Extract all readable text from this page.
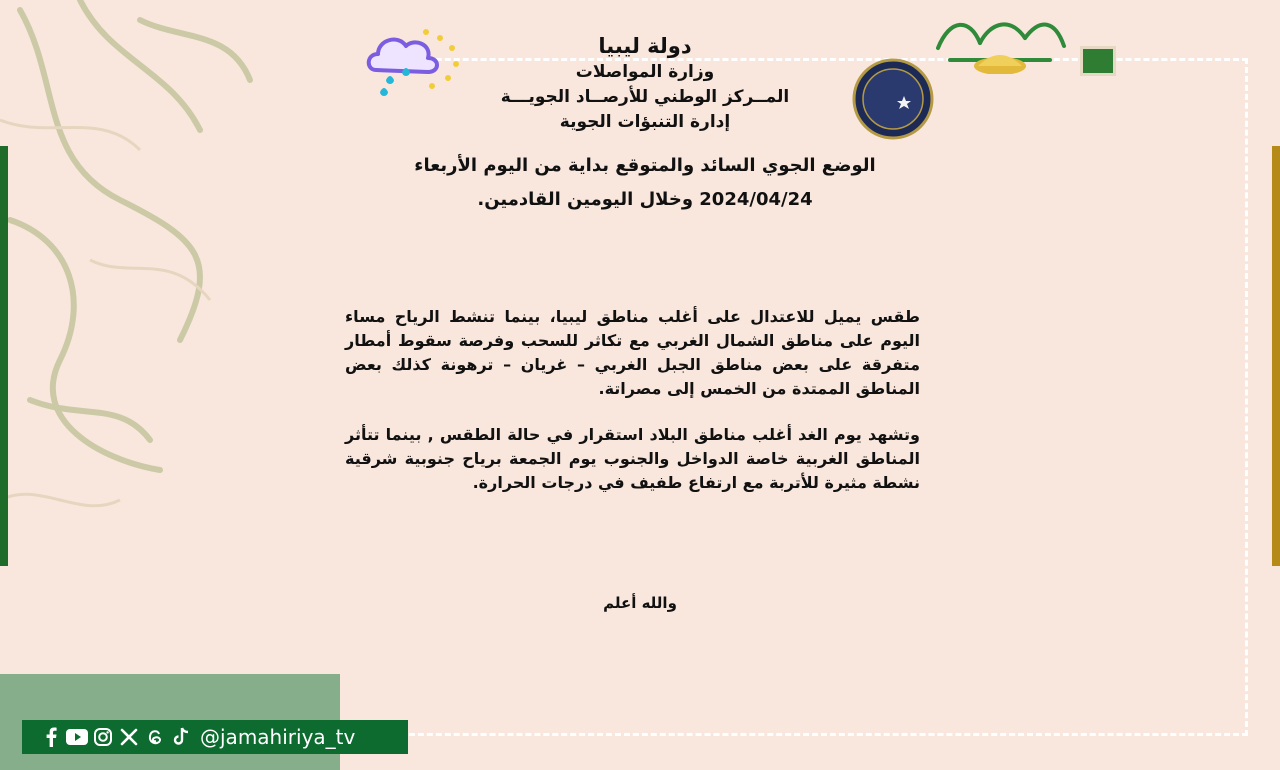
دولة ليبيا
وزارة المواصلات
المــركز الوطني للأرصــاد الجويـــة
إدارة التنبؤات الجوية
الوضع الجوي السائد والمتوقع بداية من اليوم الأربعاء
2024/04/24 وخلال اليومين القادمين.

طقس يميل للاعتدال على أغلب مناطق ليبيا، بينما تنشط الرياح مساء اليوم على مناطق الشمال الغربي مع تكاثر للسحب وفرصة سقوط أمطار متفرقة على بعض مناطق الجبل الغربي – غريان – ترهونة كذلك بعض المناطق الممتدة من الخمس إلى مصراتة.

وتشهد يوم الغد أغلب مناطق البلاد استقرار في حالة الطقس , بينما تتأثر المناطق الغربية خاصة الدواخل والجنوب يوم الجمعة برياح جنوبية شرقية نشطة مثيرة للأتربة مع ارتفاع طفيف في درجات الحرارة.

والله أعلم
@jamahiriya_tv
